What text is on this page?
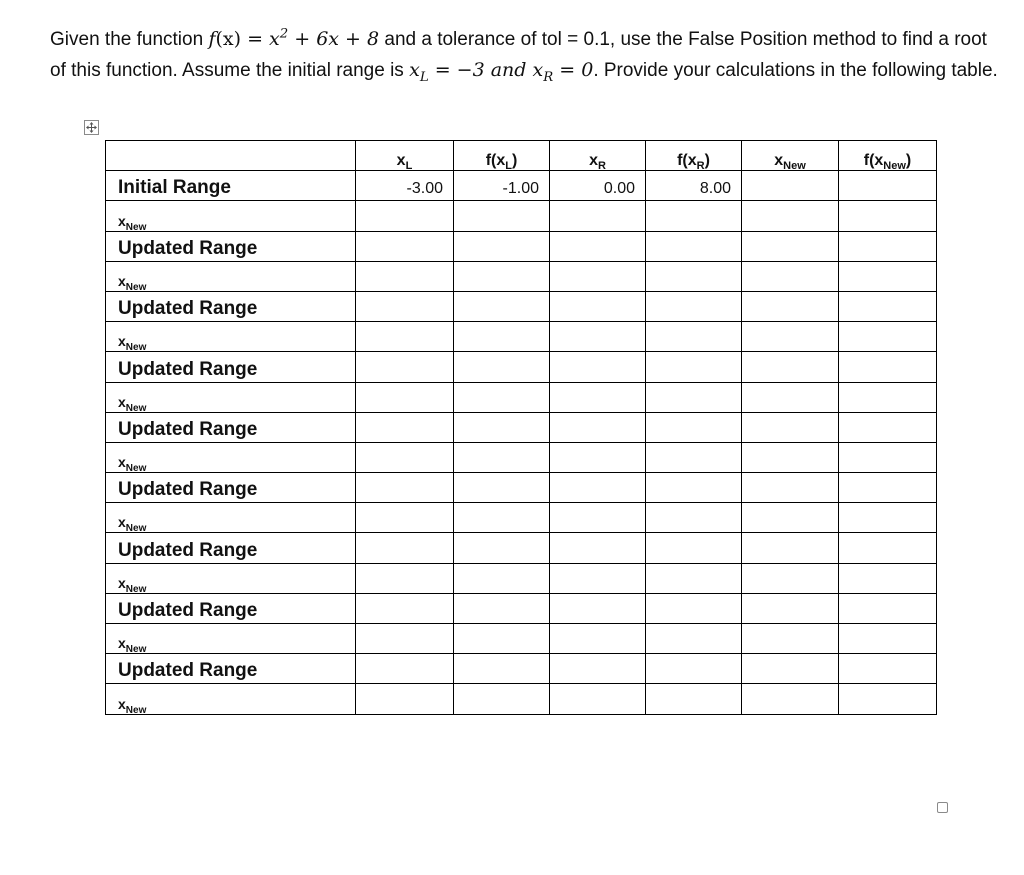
Given the function $f(x) = x^2 + 6x + 8$ and a tolerance of tol = 0.1, use the False Position method to find a root of this function. Assume the initial range is $x_L = -3$ and $x_R = 0$. Provide your calculations in the following table.
	$x_L$	$f(x_L)$	$x_R$	$f(x_R)$	$x_{New}$	$f(x_{New})$
Initial Range	-3.00	-1.00	0.00	8.00		
$x_{New}$						
Updated Range						
$x_{New}$						
Updated Range						
$x_{New}$						
Updated Range						
$x_{New}$						
Updated Range						
$x_{New}$						
Updated Range						
$x_{New}$						
Updated Range						
$x_{New}$						
Updated Range						
$x_{New}$						
Updated Range						
$x_{New}$						
